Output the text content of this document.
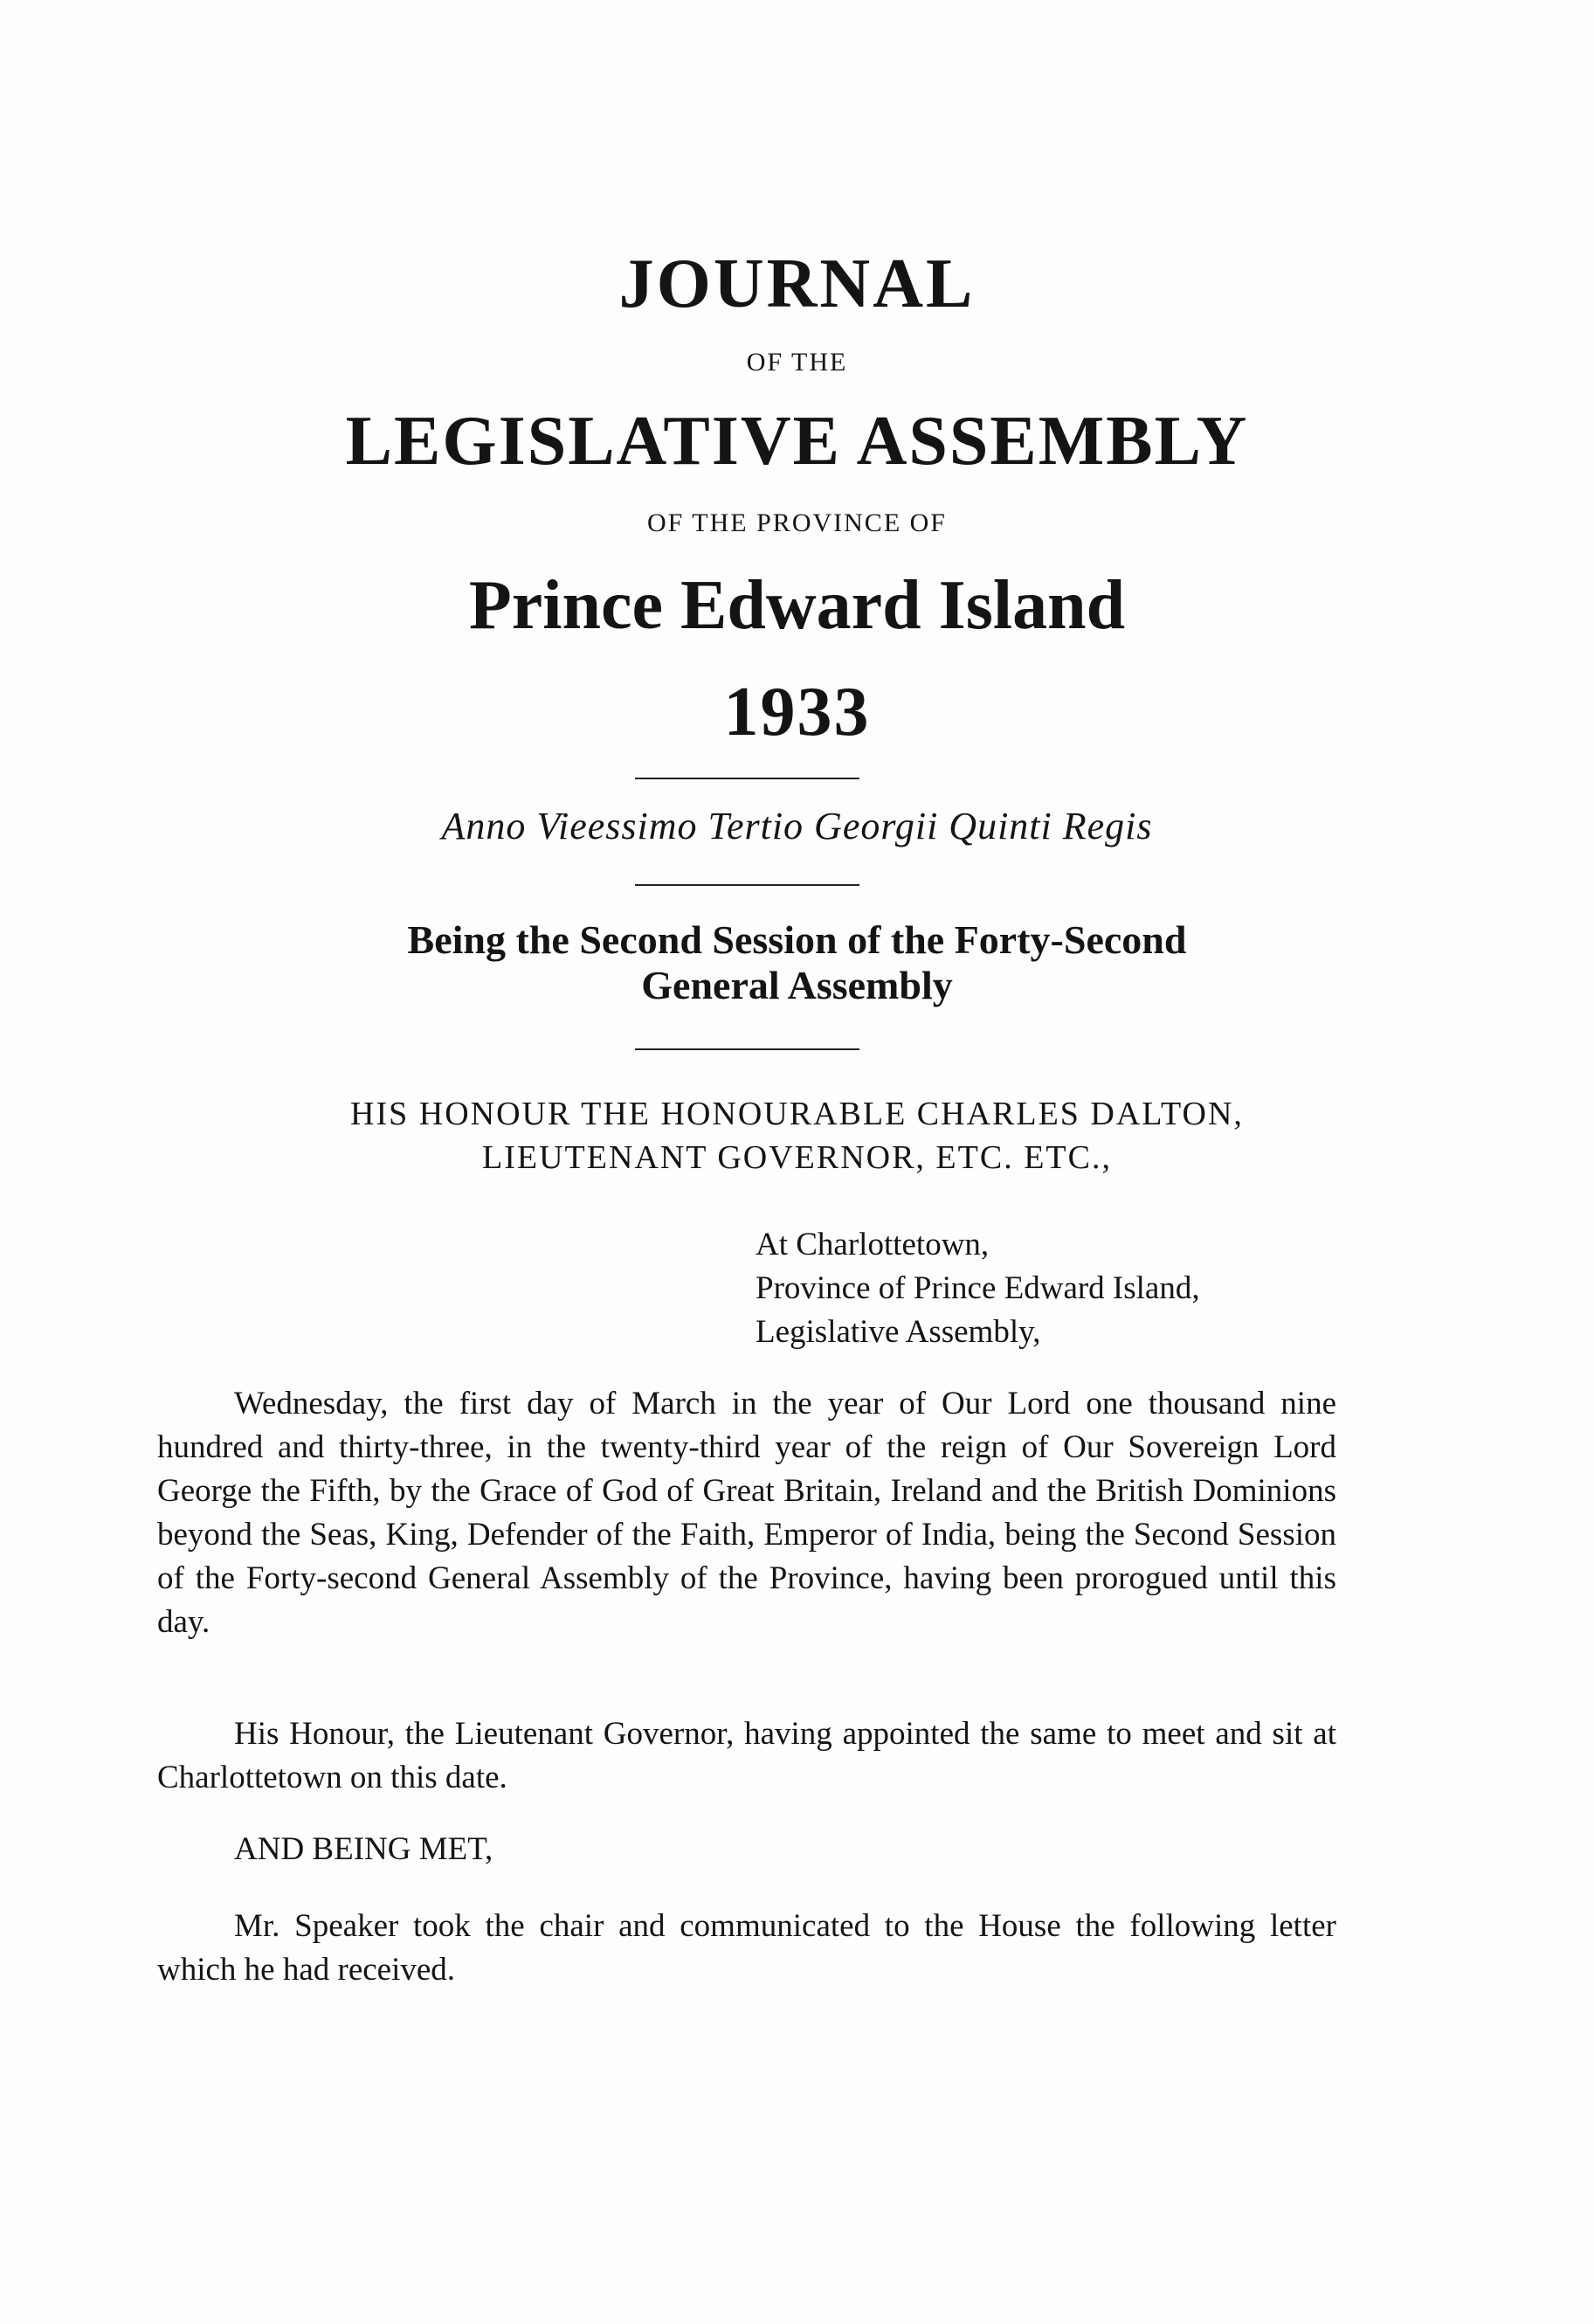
JOURNAL
OF THE
LEGISLATIVE ASSEMBLY
OF THE PROVINCE OF
Prince Edward Island
1933
Anno Vieessimo Tertio Georgii Quinti Regis
Being the Second Session of the Forty-Second
General Assembly
HIS HONOUR THE HONOURABLE CHARLES DALTON,
LIEUTENANT GOVERNOR, ETC. ETC.,
At Charlottetown,
Province of Prince Edward Island,
Legislative Assembly,

Wednesday, the first day of March in the year of Our Lord one thousand nine hundred and thirty-three, in the twenty-third year of the reign of Our Sovereign Lord George the Fifth, by the Grace of God of Great Britain, Ireland and the British Dominions beyond the Seas, King, Defender of the Faith, Emperor of India, being the Second Session of the Forty-second General Assembly of the Province, having been prorogued until this day.

His Honour, the Lieutenant Governor, having appointed the same to meet and sit at Charlottetown on this date.

AND BEING MET,

Mr. Speaker took the chair and communicated to the House the following letter which he had received.
